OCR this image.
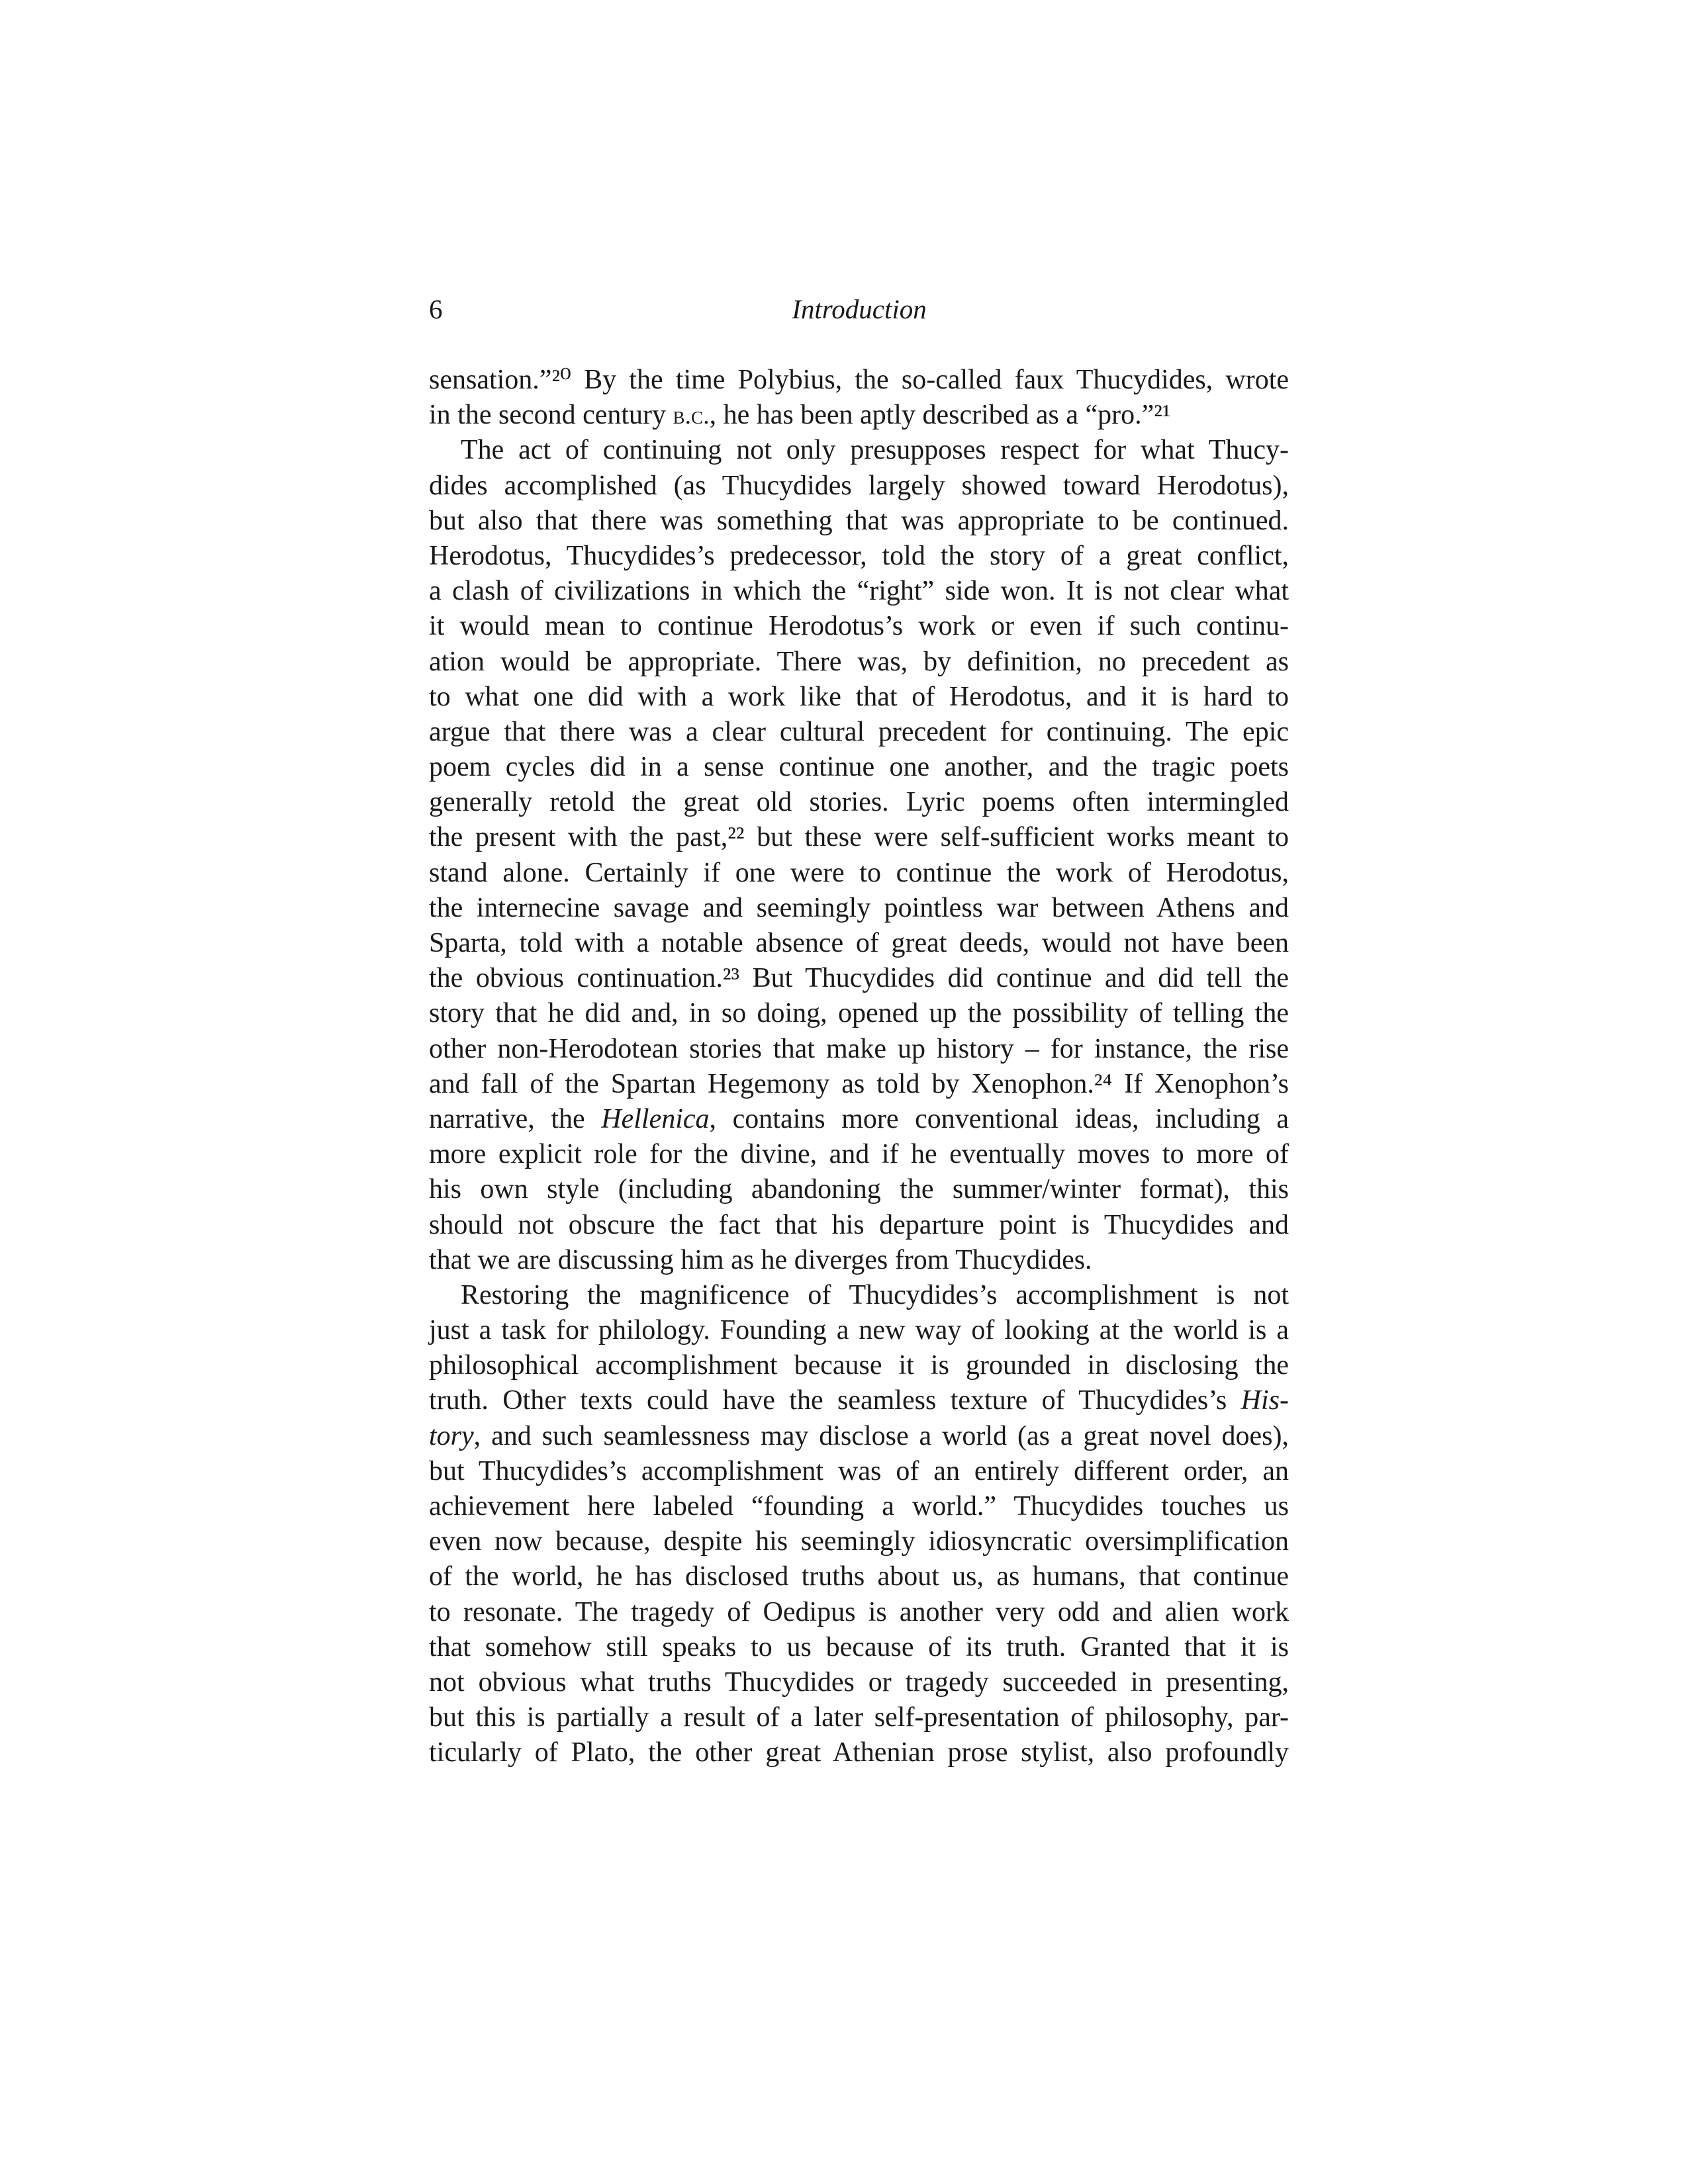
6	Introduction
sensation.”²⁰ By the time Polybius, the so-called faux Thucydides, wrote
in the second century b.c., he has been aptly described as a “pro.”²¹
The act of continuing not only presupposes respect for what Thucy-
dides accomplished (as Thucydides largely showed toward Herodotus),
but also that there was something that was appropriate to be continued.
Herodotus, Thucydides’s predecessor, told the story of a great conflict,
a clash of civilizations in which the “right” side won. It is not clear what
it would mean to continue Herodotus’s work or even if such continu-
ation would be appropriate. There was, by definition, no precedent as
to what one did with a work like that of Herodotus, and it is hard to
argue that there was a clear cultural precedent for continuing. The epic
poem cycles did in a sense continue one another, and the tragic poets
generally retold the great old stories. Lyric poems often intermingled
the present with the past,²² but these were self-sufficient works meant to
stand alone. Certainly if one were to continue the work of Herodotus,
the internecine savage and seemingly pointless war between Athens and
Sparta, told with a notable absence of great deeds, would not have been
the obvious continuation.²³ But Thucydides did continue and did tell the
story that he did and, in so doing, opened up the possibility of telling the
other non-Herodotean stories that make up history – for instance, the rise
and fall of the Spartan Hegemony as told by Xenophon.²⁴ If Xenophon’s
narrative, the Hellenica, contains more conventional ideas, including a
more explicit role for the divine, and if he eventually moves to more of
his own style (including abandoning the summer/winter format), this
should not obscure the fact that his departure point is Thucydides and
that we are discussing him as he diverges from Thucydides.
Restoring the magnificence of Thucydides’s accomplishment is not
just a task for philology. Founding a new way of looking at the world is a
philosophical accomplishment because it is grounded in disclosing the
truth. Other texts could have the seamless texture of Thucydides’s His-
tory, and such seamlessness may disclose a world (as a great novel does),
but Thucydides’s accomplishment was of an entirely different order, an
achievement here labeled “founding a world.” Thucydides touches us
even now because, despite his seemingly idiosyncratic oversimplification
of the world, he has disclosed truths about us, as humans, that continue
to resonate. The tragedy of Oedipus is another very odd and alien work
that somehow still speaks to us because of its truth. Granted that it is
not obvious what truths Thucydides or tragedy succeeded in presenting,
but this is partially a result of a later self-presentation of philosophy, par-
ticularly of Plato, the other great Athenian prose stylist, also profoundly
